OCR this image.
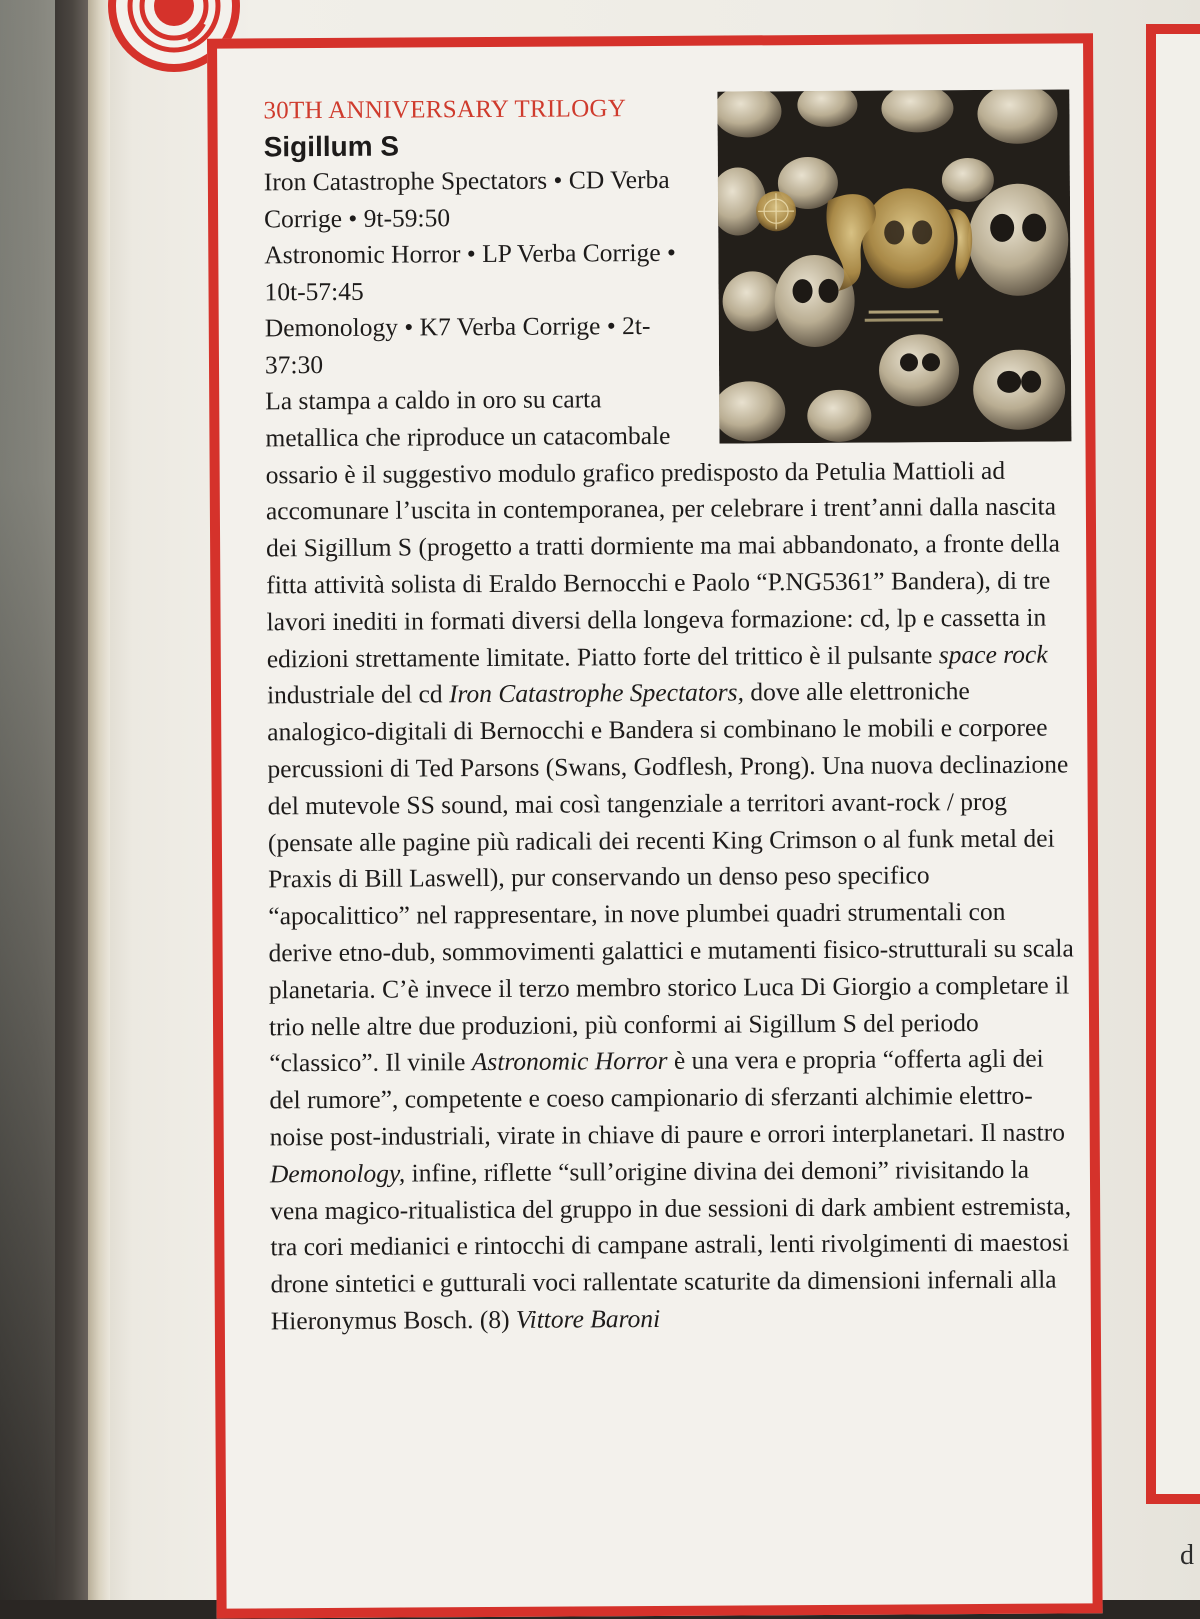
d
30TH ANNIVERSARY TRILOGY
Sigillum S
Iron Catastrophe Spectators • CD Verba Corrige • 9t-59:50
Astronomic Horror • LP Verba Corrige • 10t-57:45
Demonology • K7 Verba Corrige • 2t-37:30

La stampa a caldo in oro su carta metallica che riproduce un catacombale ossario è il suggestivo modulo grafico predisposto da Petulia Mattioli ad accomunare l’uscita in contemporanea, per celebrare i trent’anni dalla nascita dei Sigillum S (progetto a tratti dormiente ma mai abbandonato, a fronte della fitta attività solista di Eraldo Bernocchi e Paolo “P.NG5361” Bandera), di tre lavori inediti in formati diversi della longeva formazione: cd, lp e cassetta in edizioni strettamente limitate. Piatto forte del trittico è il pulsante space rock industriale del cd Iron Catastrophe Spectators, dove alle elettroniche analogico-digitali di Bernocchi e Bandera si combinano le mobili e corporee percussioni di Ted Parsons (Swans, Godflesh, Prong). Una nuova declinazione del mutevole SS sound, mai così tangenziale a territori avant-rock / prog (pensate alle pagine più radicali dei recenti King Crimson o al funk metal dei Praxis di Bill Laswell), pur conservando un denso peso specifico “apocalittico” nel rappresentare, in nove plumbei quadri strumentali con derive etno-dub, sommovimenti galattici e mutamenti fisico-strutturali su scala planetaria. C’è invece il terzo membro storico Luca Di Giorgio a completare il trio nelle altre due produzioni, più conformi ai Sigillum S del periodo “classico”. Il vinile Astronomic Horror è una vera e propria “offerta agli dei del rumore”, competente e coeso campionario di sferzanti alchimie elettro-noise post-industriali, virate in chiave di paure e orrori interplanetari. Il nastro Demonology, infine, riflette “sull’origine divina dei demoni” rivisitando la vena magico-ritualistica del gruppo in due sessioni di dark ambient estremista, tra cori medianici e rintocchi di campane astrali, lenti rivolgimenti di maestosi drone sintetici e gutturali voci rallentate scaturite da dimensioni infernali alla Hieronymus Bosch. (8) Vittore Baroni
